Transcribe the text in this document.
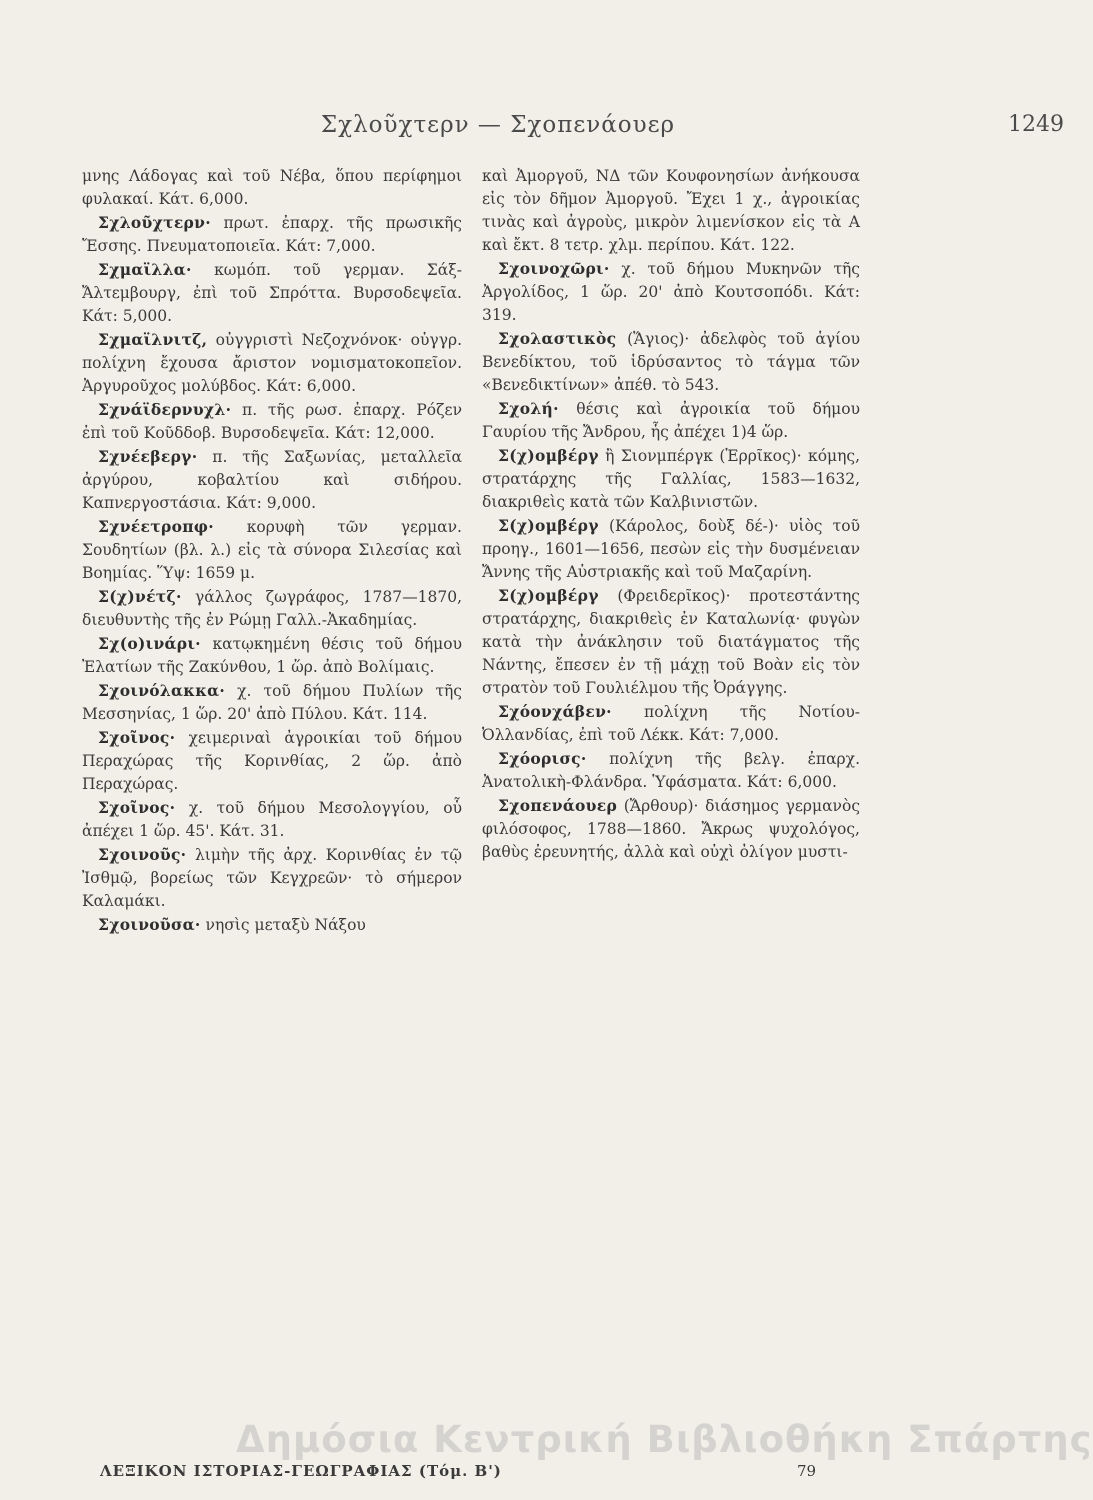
Σχλοῦχτερν — Σχοπενάουερ	1249

μνης Λάδογας καὶ τοῦ Νέβα, ὅπου περίφημοι φυλακαί. Κάτ. 6,000.

Σχλοῦχτερν· πρωτ. ἐπαρχ. τῆς πρωσικῆς Ἔσσης. Πνευματοποιεῖα. Κάτ: 7,000.

Σχμαϊλλα· κωμόπ. τοῦ γερμαν. Σάξ-Ἄλτεμβουργ, ἐπὶ τοῦ Σπρόττα. Βυρσοδεψεῖα. Κάτ: 5,000.

Σχμαϊλνιτζ, οὐγγριστὶ Νεζοχνόνοκ· οὐγγρ. πολίχνη ἔχουσα ἄριστον νομισματοκοπεῖον. Ἀργυροῦχος μολύβδος. Κάτ: 6,000.

Σχνάϊδερνυχλ· π. τῆς ρωσ. ἐπαρχ. Ρόζεν ἐπὶ τοῦ Κοῦδδοβ. Βυρσοδεψεῖα. Κάτ: 12,000.

Σχνέεβεργ· π. τῆς Σαξωνίας, μεταλλεῖα ἀργύρου, κοβαλτίου καὶ σιδήρου. Καπνεργοστάσια. Κάτ: 9,000.

Σχνέετροπφ· κορυφὴ τῶν γερμαν. Σουδητίων (βλ. λ.) εἰς τὰ σύνορα Σιλεσίας καὶ Βοημίας. Ὕψ: 1659 μ.

Σ(χ)νέτζ· γάλλος ζωγράφος, 1787—1870, διευθυντὴς τῆς ἐν Ρώμῃ Γαλλ.-Ἀκαδημίας.

Σχ(ο)ινάρι· κατῳκημένη θέσις τοῦ δήμου Ἐλατίων τῆς Ζακύνθου, 1 ὥρ. ἀπὸ Βολίμαις.

Σχοινόλακκα· χ. τοῦ δήμου Πυλίων τῆς Μεσσηνίας, 1 ὥρ. 20' ἀπὸ Πύλου. Κάτ. 114.

Σχοῖνος· χειμεριναὶ ἀγροικίαι τοῦ δήμου Περαχώρας τῆς Κορινθίας, 2 ὥρ. ἀπὸ Περαχώρας.

Σχοῖνος· χ. τοῦ δήμου Μεσολογγίου, οὗ ἀπέχει 1 ὥρ. 45'. Κάτ. 31.

Σχοινοῦς· λιμὴν τῆς ἀρχ. Κορινθίας ἐν τῷ Ἰσθμῷ, βορείως τῶν Κεγχρεῶν· τὸ σήμερον Καλαμάκι.

Σχοινοῦσα· νησὶς μεταξὺ Νάξου

καὶ Ἀμοργοῦ, ΝΔ τῶν Κουφονησίων ἀνήκουσα εἰς τὸν δῆμον Ἀμοργοῦ. Ἔχει 1 χ., ἀγροικίας τινὰς καὶ ἀγροὺς, μικρὸν λιμενίσκον εἰς τὰ Α καὶ ἔκτ. 8 τετρ. χλμ. περίπου. Κάτ. 122.

Σχοινοχῶρι· χ. τοῦ δήμου Μυκηνῶν τῆς Ἀργολίδος, 1 ὥρ. 20' ἀπὸ Κουτσοπόδι. Κάτ: 319.

Σχολαστικὸς (Ἅγιος)· ἀδελφὸς τοῦ ἁγίου Βενεδίκτου, τοῦ ἱδρύσαντος τὸ τάγμα τῶν «Βενεδικτίνων» ἀπέθ. τὸ 543.

Σχολή· θέσις καὶ ἀγροικία τοῦ δήμου Γαυρίου τῆς Ἄνδρου, ἧς ἀπέχει 1)4 ὥρ.

Σ(χ)ομβέργ ἢ Σιονμπέργκ (Ἐρρῖκος)· κόμης, στρατάρχης τῆς Γαλλίας, 1583—1632, διακριθεὶς κατὰ τῶν Καλβινιστῶν.

Σ(χ)ομβέργ (Κάρολος, δοὺξ δέ-)· υἱὸς τοῦ προηγ., 1601—1656, πεσὼν εἰς τὴν δυσμένειαν Ἄννης τῆς Αὐστριακῆς καὶ τοῦ Μαζαρίνη.

Σ(χ)ομβέργ (Φρειδερῖκος)· προτεστάντης στρατάρχης, διακριθεὶς ἐν Καταλωνίᾳ· φυγὼν κατὰ τὴν ἀνάκλησιν τοῦ διατάγματος τῆς Νάντης, ἔπεσεν ἐν τῇ μάχῃ τοῦ Βοὰν εἰς τὸν στρατὸν τοῦ Γουλιέλμου τῆς Ὀράγγης.

Σχόονχάβεν· πολίχνη τῆς Νοτίου-Ὀλλανδίας, ἐπὶ τοῦ Λέκκ. Κάτ: 7,000.

Σχόορισς· πολίχνη τῆς βελγ. ἐπαρχ. Ἀνατολικὴ-Φλάνδρα. Ὑφάσματα. Κάτ: 6,000.

Σχοπενάουερ (Ἄρθουρ)· διάσημος γερμανὸς φιλόσοφος, 1788—1860. Ἄκρως ψυχολόγος, βαθὺς ἐρευνητής, ἀλλὰ καὶ οὐχὶ ὀλίγον μυστι-

ΛΕΞΙΚΟΝ ΙΣΤΟΡΙΑΣ-ΓΕΩΓΡΑΦΙΑΣ (Τόμ. Β')	79
Δημόσια Κεντρική Βιβλιοθήκη Σπάρτης
